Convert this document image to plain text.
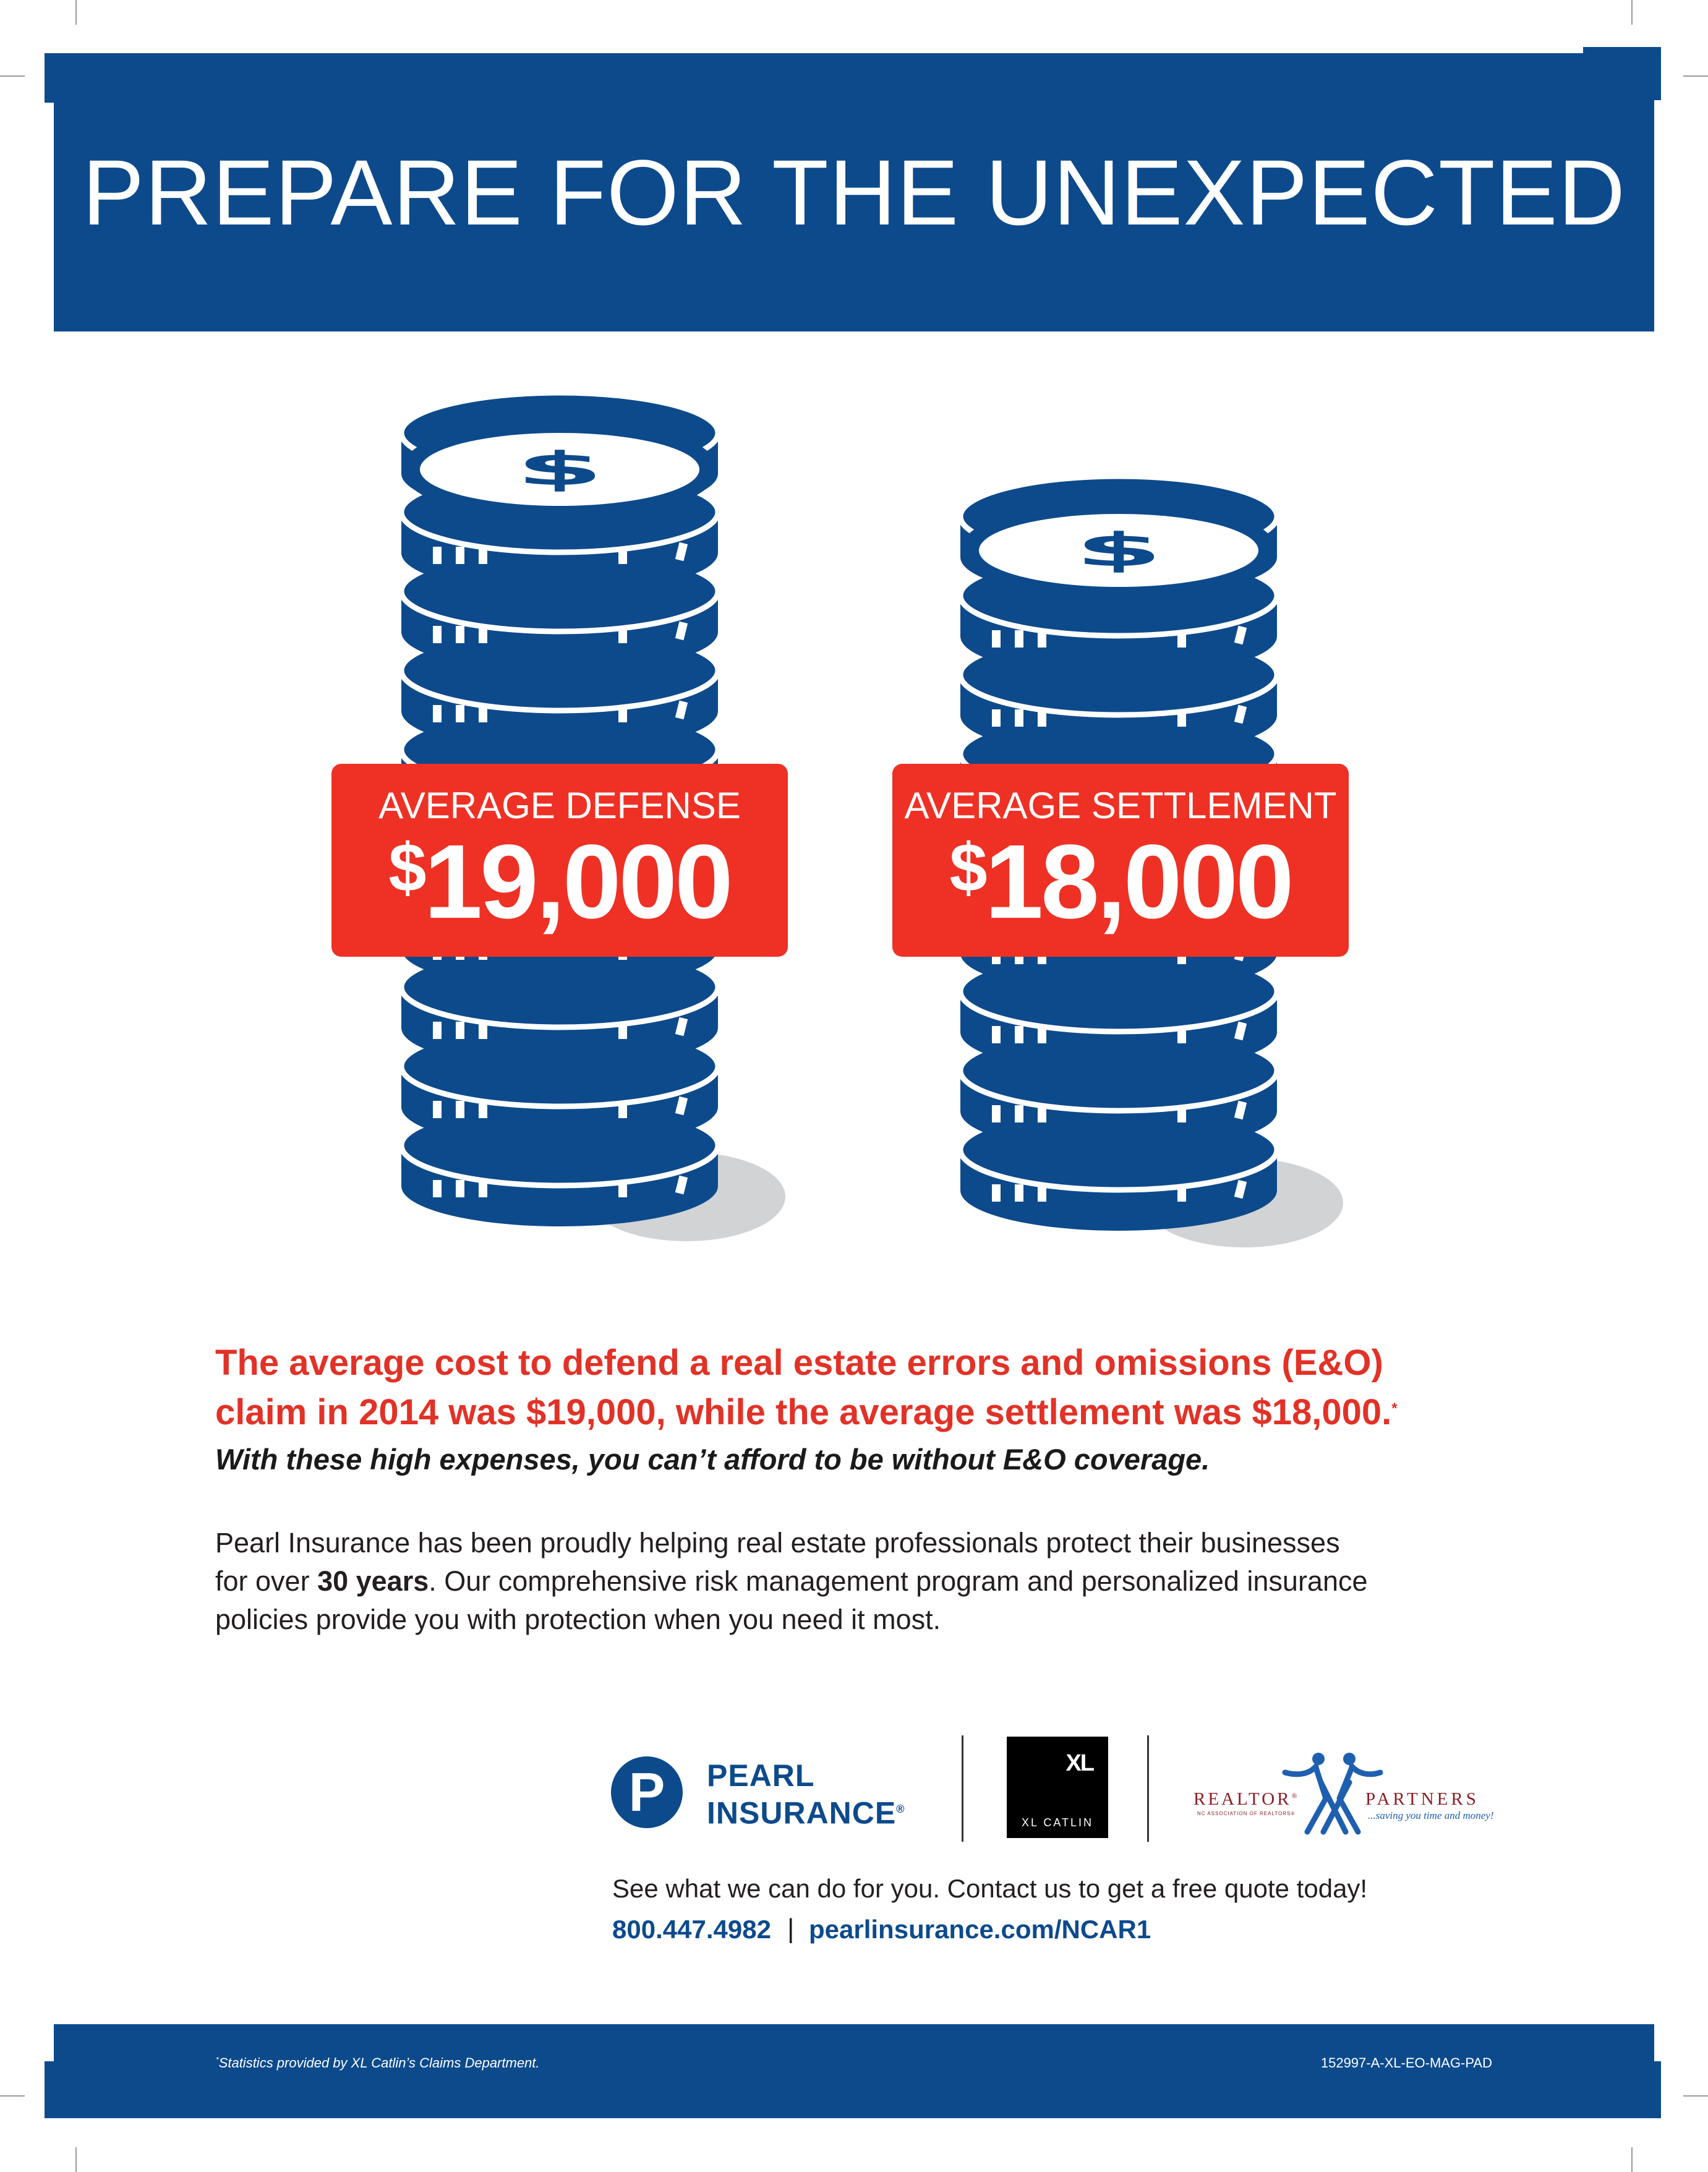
PREPARE FOR THE UNEXPECTED
$
$
AVERAGE DEFENSE
$19,000
AVERAGE SETTLEMENT
$18,000
The average cost to defend a real estate errors and omissions (E&O)
claim in 2014 was $19,000, while the average settlement was $18,000.*
With these high expenses, you can’t afford to be without E&O coverage.
Pearl Insurance has been proudly helping real estate professionals protect their businesses
for over 30 years. Our comprehensive risk management program and personalized insurance
policies provide you with protection when you need it most.
P	PEARL
INSURANCE®
XL
XL CATLIN
REALTOR®	PARTNERS
NC ASSOCIATION OF REALTORS®	...saving you time and money!
See what we can do for you. Contact us to get a free quote today!
800.447.4982 | pearlinsurance.com/NCAR1
*Statistics provided by XL Catlin’s Claims Department.	152997-A-XL-EO-MAG-PAD
